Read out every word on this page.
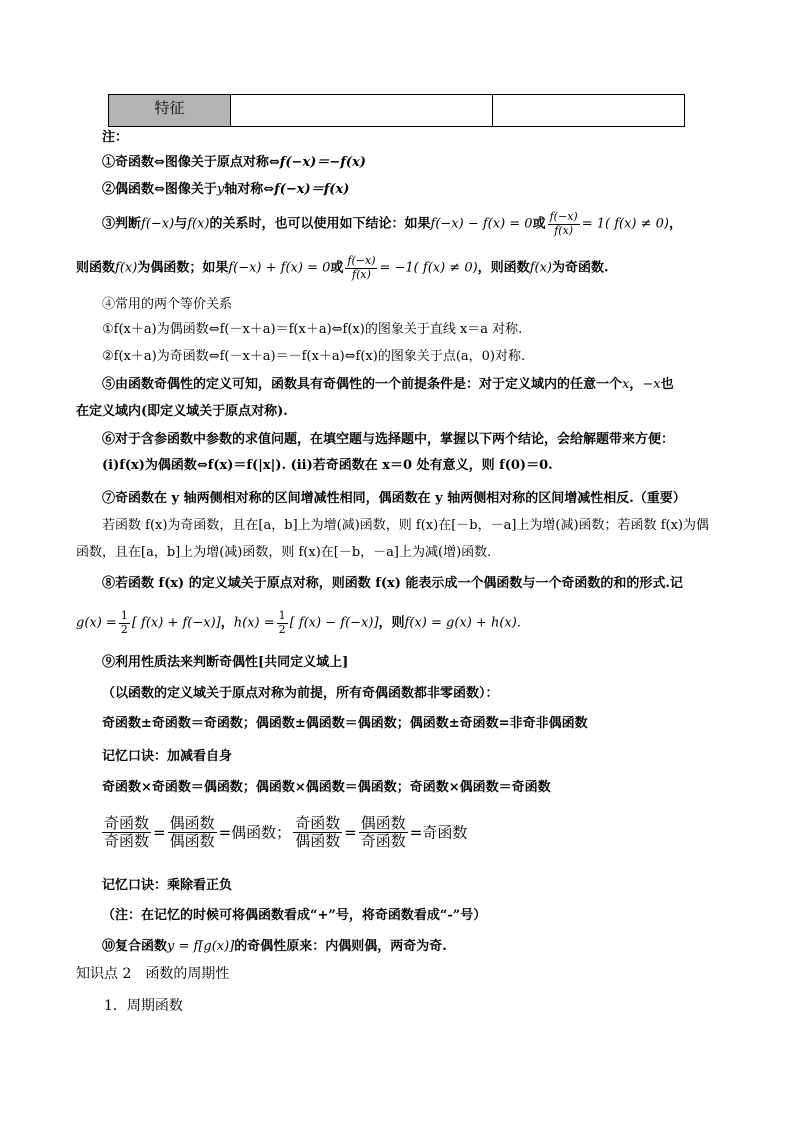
特征		
注：
①奇函数⇔图像关于原点对称⇔f(−x)＝−f(x)
②偶函数⇔图像关于y轴对称⇔f(−x)＝f(x)
③判断f(−x)与f(x)的关系时，也可以使用如下结论：如果f(−x) − f(x) = 0或 $\frac{f(-x)}{f(x)} = 1$( f(x) ≠ 0)，
则函数f(x)为偶函数；如果f(−x) + f(x) = 0或 $\frac{f(-x)}{f(x)} = -1$( f(x) ≠ 0)，则函数f(x)为奇函数.
④常用的两个等价关系
①f(x＋a)为偶函数⇔f(－x＋a)＝f(x＋a)⇔f(x)的图象关于直线 x＝a 对称.
②f(x＋a)为奇函数⇔f(－x＋a)＝－f(x＋a)⇔f(x)的图象关于点(a，0)对称.
⑤由函数奇偶性的定义可知，函数具有奇偶性的一个前提条件是：对于定义域内的任意一个x，−x也
在定义域内(即定义域关于原点对称).
⑥对于含参函数中参数的求值问题，在填空题与选择题中，掌握以下两个结论，会给解题带来方便：
(i)f(x)为偶函数⇔f(x)＝f(|x|). (ii)若奇函数在 x＝0 处有意义，则 f(0)＝0.
⑦奇函数在 y 轴两侧相对称的区间增减性相同，偶函数在 y 轴两侧相对称的区间增减性相反.（重要）
若函数 f(x)为奇函数，且在[a，b]上为增(减)函数，则 f(x)在[－b，－a]上为增(减)函数；若函数 f(x)为偶
函数，且在[a，b]上为增(减)函数，则 f(x)在[－b，－a]上为减(增)函数.
⑧若函数 f(x) 的定义域关于原点对称，则函数 f(x) 能表示成一个偶函数与一个奇函数的和的形式.记
$g(x) = \frac{1}{2}$ [ f(x) + f(−x)]，$h(x) = \frac{1}{2}$ [ f(x) − f(−x)]，则f(x) = g(x) + h(x).
⑨利用性质法来判断奇偶性[共同定义域上]
（以函数的定义域关于原点对称为前提，所有奇偶函数都非零函数）：
奇函数±奇函数＝奇函数；偶函数±偶函数＝偶函数；偶函数±奇函数=非奇非偶函数
记忆口诀：加减看自身
奇函数×奇函数＝偶函数；偶函数×偶函数＝偶函数；奇函数×偶函数＝奇函数
$\frac{\text{奇函数}}{\text{奇函数}} = \frac{\text{偶函数}}{\text{偶函数}}$ =偶函数； $\frac{\text{奇函数}}{\text{偶函数}} = \frac{\text{偶函数}}{\text{奇函数}}$ =奇函数
记忆口诀：乘除看正负
（注：在记忆的时候可将偶函数看成“+”号，将奇函数看成“-”号）
⑩复合函数y = f[g(x)]的奇偶性原来：内偶则偶，两奇为奇.
知识点 2　函数的周期性
1．周期函数
